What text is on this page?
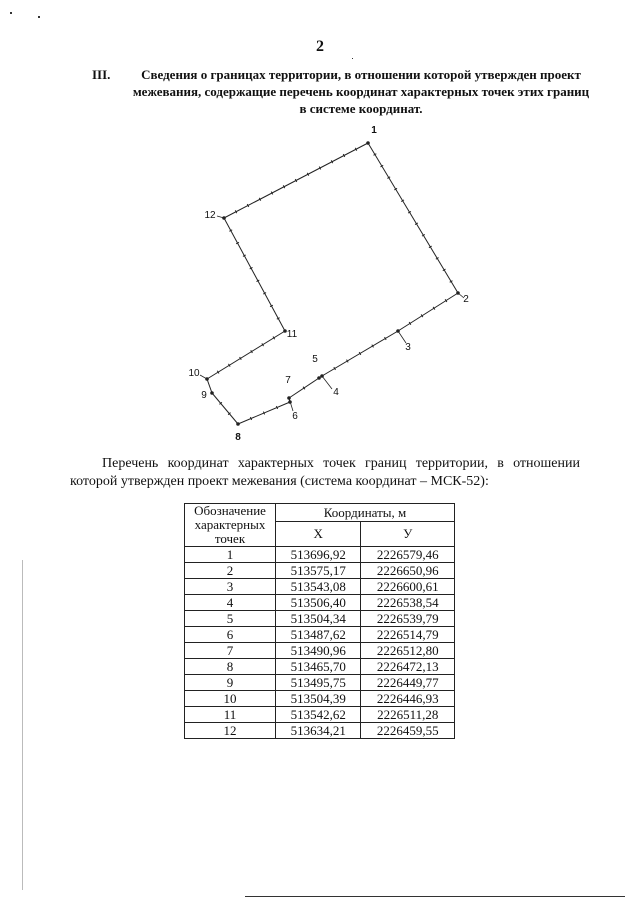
2
III.	Сведения о границах территории, в отношении которой утвержден проект межевания, содержащие перечень координат характерных точек этих границ в системе координат.
1
2
3
4
5
6
7
8
9
10
11
12
Перечень координат характерных точек границ территории, в отношении которой утвержден проект межевания (система координат – МСК-52):
Обозначение характерных точек	Координаты, м	
	X	У
1	513696,92	2226579,46
2	513575,17	2226650,96
3	513543,08	2226600,61
4	513506,40	2226538,54
5	513504,34	2226539,79
6	513487,62	2226514,79
7	513490,96	2226512,80
8	513465,70	2226472,13
9	513495,75	2226449,77
10	513504,39	2226446,93
11	513542,62	2226511,28
12	513634,21	2226459,55
